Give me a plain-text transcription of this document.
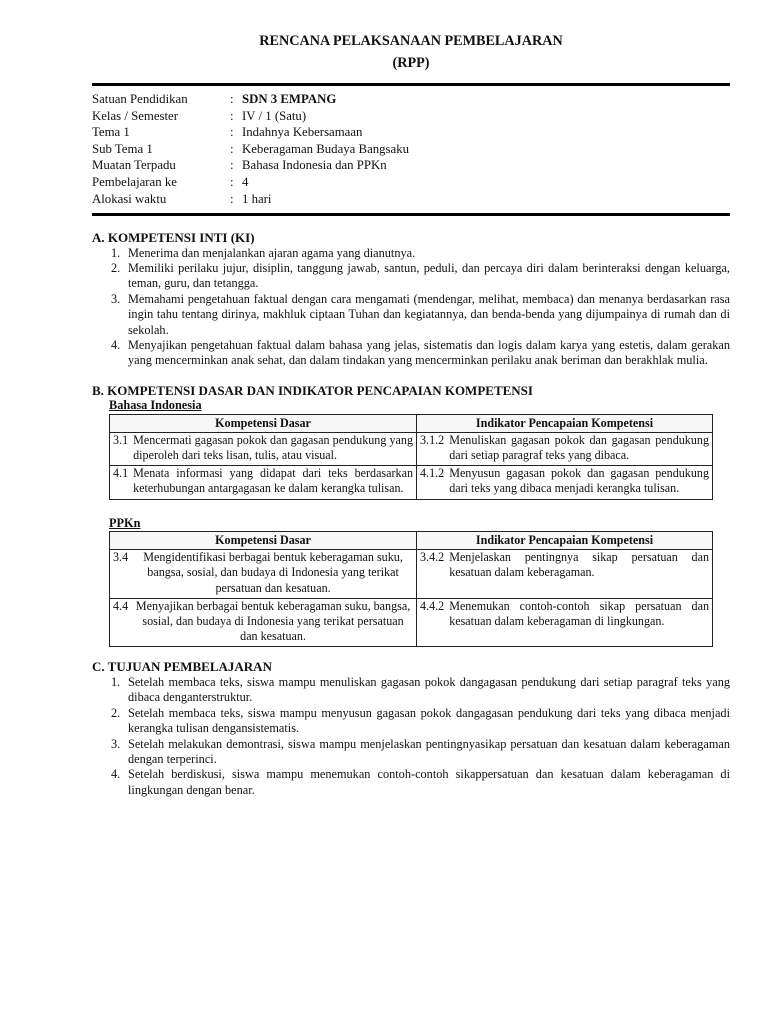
RENCANA PELAKSANAAN PEMBELAJARAN
(RPP)
Satuan Pendidikan	: SDN 3 EMPANG
Kelas / Semester	: IV / 1 (Satu)
Tema 1	: Indahnya Kebersamaan
Sub Tema 1	: Keberagaman Budaya Bangsaku
Muatan Terpadu	: Bahasa Indonesia dan PPKn
Pembelajaran ke	: 4
Alokasi waktu	: 1 hari
A. KOMPETENSI INTI (KI)
1. Menerima dan menjalankan ajaran agama yang dianutnya.
2. Memiliki perilaku jujur, disiplin, tanggung jawab, santun, peduli, dan percaya diri dalam berinteraksi dengan keluarga, teman, guru, dan tetangga.
3. Memahami pengetahuan faktual dengan cara mengamati (mendengar, melihat, membaca) dan menanya berdasarkan rasa ingin tahu tentang dirinya, makhluk ciptaan Tuhan dan kegiatannya, dan benda-benda yang dijumpainya di rumah dan di sekolah.
4. Menyajikan pengetahuan faktual dalam bahasa yang jelas, sistematis dan logis dalam karya yang estetis, dalam gerakan yang mencerminkan anak sehat, dan dalam tindakan yang mencerminkan perilaku anak beriman dan berakhlak mulia.
B. KOMPETENSI DASAR DAN INDIKATOR PENCAPAIAN KOMPETENSI
Bahasa Indonesia
Kompetensi Dasar	Indikator Pencapaian Kompetensi

3.1 Mencermati gagasan pokok dan gagasan pendukung yang diperoleh dari teks lisan, tulis, atau visual.	3.1.2 Menuliskan gagasan pokok dan gagasan pendukung dari setiap paragraf teks yang dibaca.

4.1 Menata informasi yang didapat dari teks berdasarkan keterhubungan antargagasan ke dalam kerangka tulisan.	4.1.2 Menyusun gagasan pokok dan gagasan pendukung dari teks yang dibaca menjadi kerangka tulisan.
PPKn
Kompetensi Dasar	Indikator Pencapaian Kompetensi

3.4 Mengidentifikasi berbagai bentuk keberagaman suku, bangsa, sosial, dan budaya di Indonesia yang terikat persatuan dan kesatuan.	3.4.2 Menjelaskan pentingnya sikap persatuan dan kesatuan dalam keberagaman.

4.4 Menyajikan berbagai bentuk keberagaman suku, bangsa, sosial, dan budaya di Indonesia yang terikat persatuan dan kesatuan.	4.4.2 Menemukan contoh-contoh sikap persatuan dan kesatuan dalam keberagaman di lingkungan.
C. TUJUAN PEMBELAJARAN
1. Setelah membaca teks, siswa mampu menuliskan gagasan pokok dangagasan pendukung dari setiap paragraf teks yang dibaca denganterstruktur.
2. Setelah membaca teks, siswa mampu menyusun gagasan pokok dangagasan pendukung dari teks yang dibaca menjadi kerangka tulisan dengansistematis.
3. Setelah melakukan demontrasi, siswa mampu menjelaskan pentingnyasikap persatuan dan kesatuan dalam keberagaman dengan terperinci.
4. Setelah berdiskusi, siswa mampu menemukan contoh-contoh sikappersatuan dan kesatuan dalam keberagaman di lingkungan dengan benar.
